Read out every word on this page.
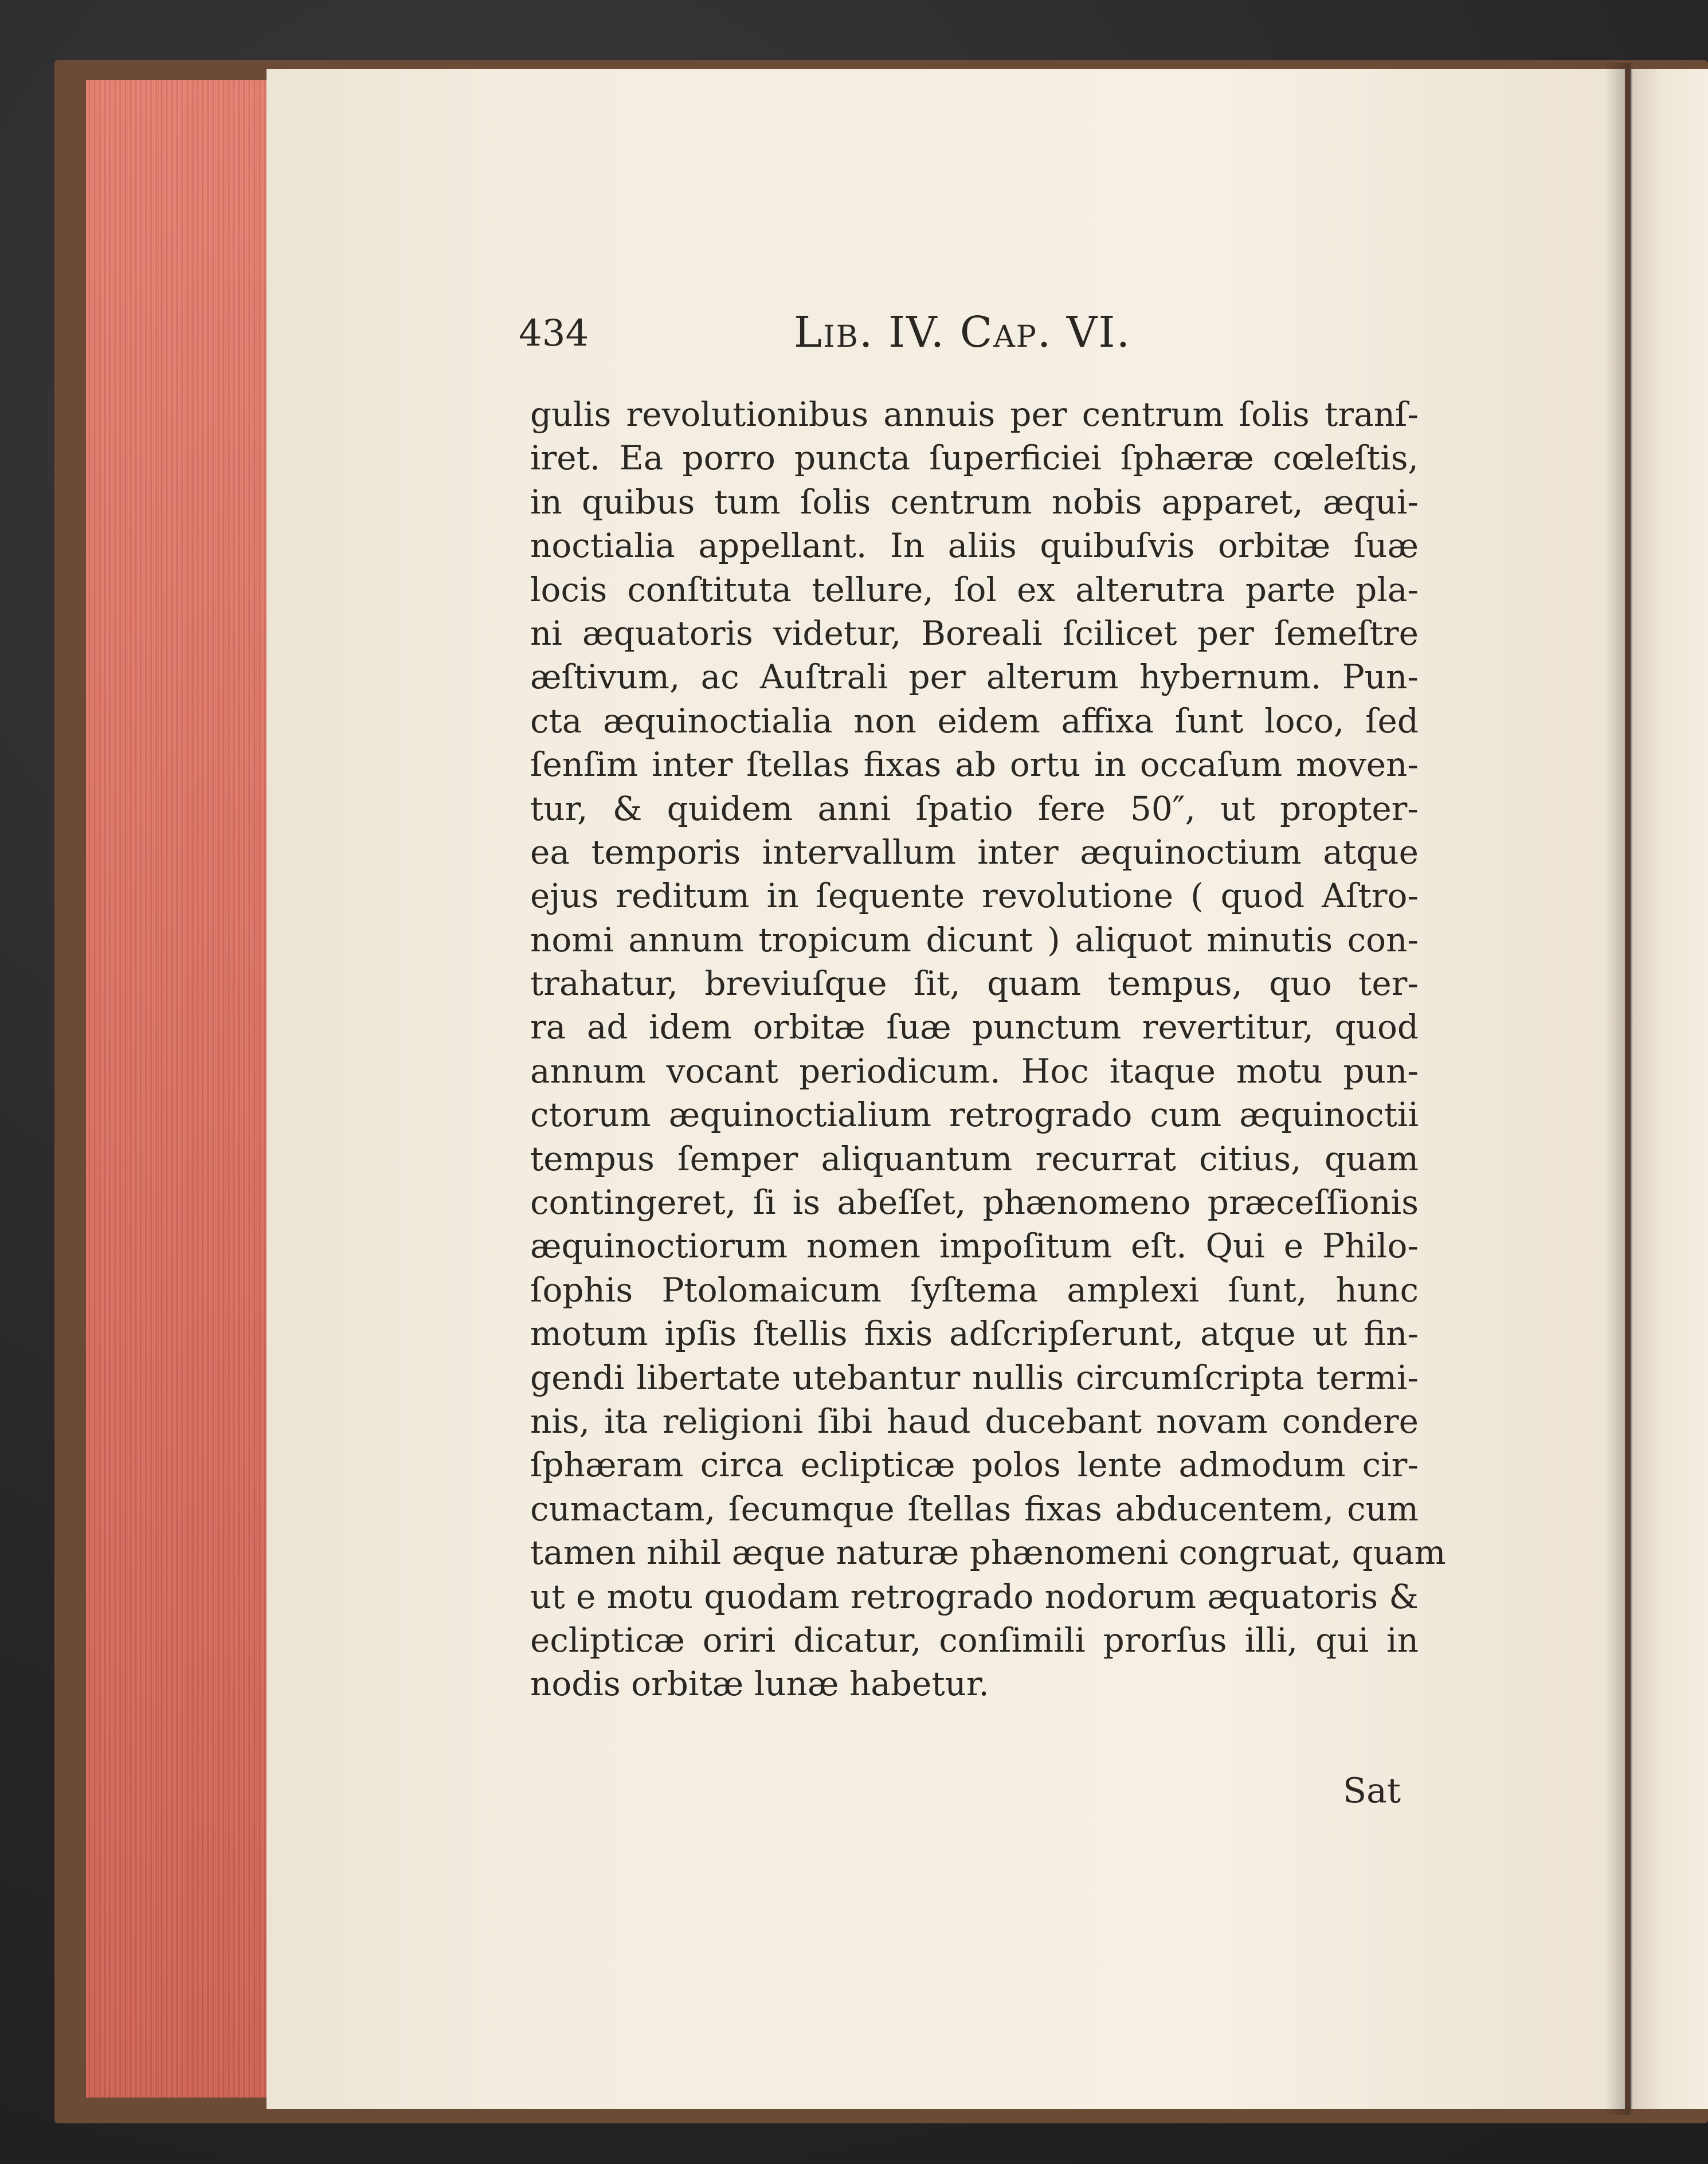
434	Lib. IV. Cap. VI.
gulis revolutionibus annuis per centrum ſolis tranſ-
iret. Ea porro puncta ſuperficiei ſphæræ cœleſtis,
in quibus tum ſolis centrum nobis apparet, æqui-
noctialia appellant. In aliis quibuſvis orbitæ ſuæ
locis conſtituta tellure, ſol ex alterutra parte pla-
ni æquatoris videtur, Boreali ſcilicet per ſemeſtre
æſtivum, ac Auſtrali per alterum hybernum. Pun-
cta æquinoctialia non eidem affixa ſunt loco, ſed
ſenſim inter ſtellas fixas ab ortu in occaſum moven-
tur, & quidem anni ſpatio fere 50″, ut propter-
ea temporis intervallum inter æquinoctium atque
ejus reditum in ſequente revolutione ( quod Aſtro-
nomi annum tropicum dicunt ) aliquot minutis con-
trahatur, breviuſque ſit, quam tempus, quo ter-
ra ad idem orbitæ ſuæ punctum revertitur, quod
annum vocant periodicum. Hoc itaque motu pun-
ctorum æquinoctialium retrogrado cum æquinoctii
tempus ſemper aliquantum recurrat citius, quam
contingeret, ſi is abeſſet, phænomeno præceſſionis
æquinoctiorum nomen impoſitum eſt. Qui e Philo-
ſophis Ptolomaicum ſyſtema amplexi ſunt, hunc
motum ipſis ſtellis fixis adſcripſerunt, atque ut fin-
gendi libertate utebantur nullis circumſcripta termi-
nis, ita religioni ſibi haud ducebant novam condere
ſphæram circa eclipticæ polos lente admodum cir-
cumactam, ſecumque ſtellas fixas abducentem, cum
tamen nihil æque naturæ phænomeni congruat, quam
ut e motu quodam retrogrado nodorum æquatoris &
eclipticæ oriri dicatur, conſimili prorſus illi, qui in
nodis orbitæ lunæ habetur.
Sat
